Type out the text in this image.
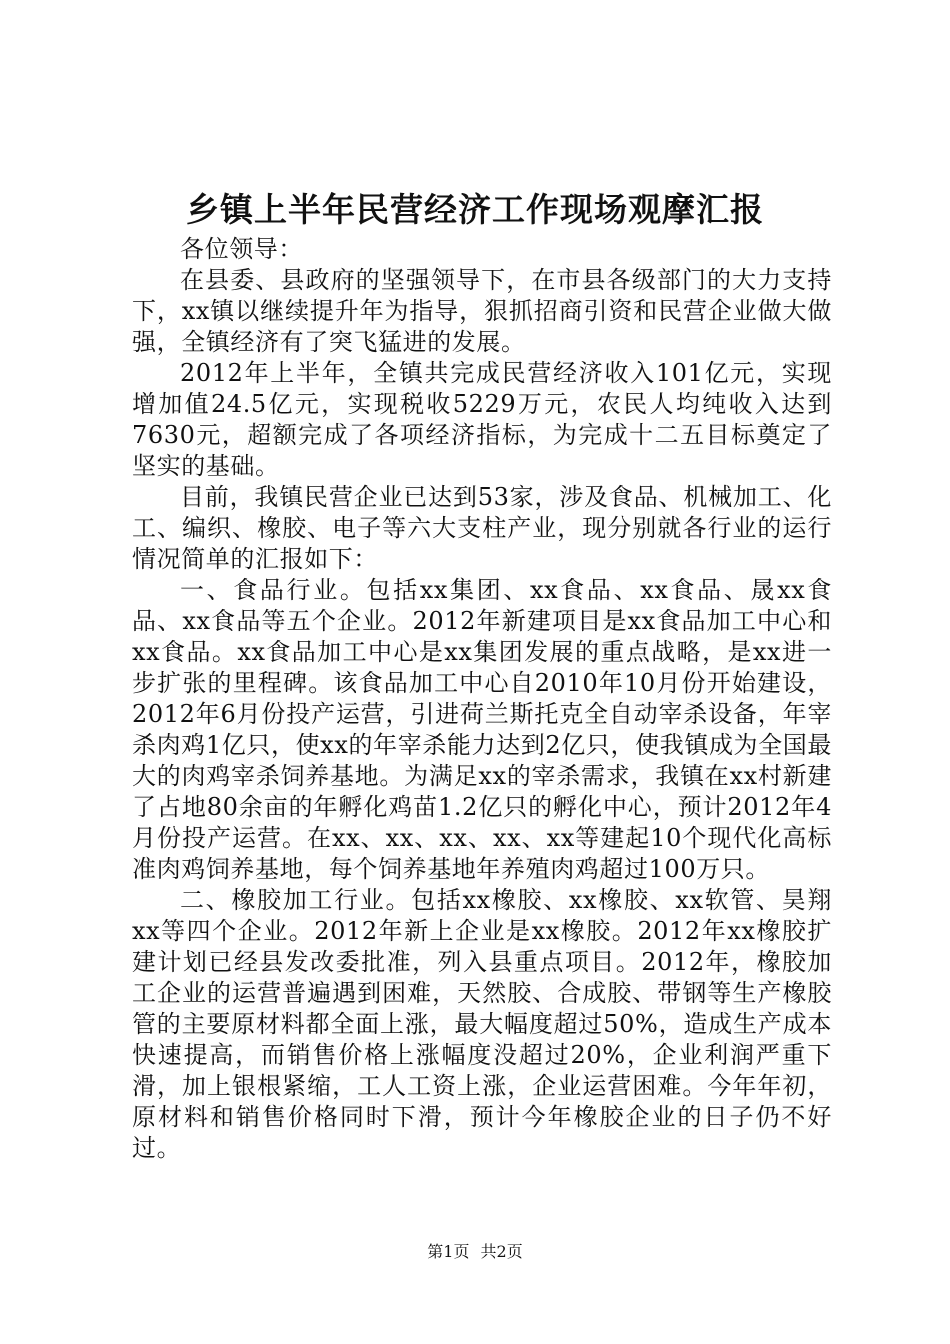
乡镇上半年民营经济工作现场观摩汇报

各位领导：

在县委、县政府的坚强领导下，在市县各级部门的大力支持下，xx镇以继续提升年为指导，狠抓招商引资和民营企业做大做强，全镇经济有了突飞猛进的发展。

2012年上半年，全镇共完成民营经济收入101亿元，实现增加值24.5亿元，实现税收5229万元，农民人均纯收入达到7630元，超额完成了各项经济指标，为完成十二五目标奠定了坚实的基础。

目前，我镇民营企业已达到53家，涉及食品、机械加工、化工、编织、橡胶、电子等六大支柱产业，现分别就各行业的运行情况简单的汇报如下：

一、食品行业。包括xx集团、xx食品、xx食品、晟xx食品、xx食品等五个企业。2012年新建项目是xx食品加工中心和xx食品。xx食品加工中心是xx集团发展的重点战略，是xx进一步扩张的里程碑。该食品加工中心自2010年10月份开始建设，2012年6月份投产运营，引进荷兰斯托克全自动宰杀设备，年宰杀肉鸡1亿只，使xx的年宰杀能力达到2亿只，使我镇成为全国最大的肉鸡宰杀饲养基地。为满足xx的宰杀需求，我镇在xx村新建了占地80余亩的年孵化鸡苗1.2亿只的孵化中心，预计2012年4月份投产运营。在xx、xx、xx、xx、xx等建起10个现代化高标准肉鸡饲养基地，每个饲养基地年养殖肉鸡超过100万只。

二、橡胶加工行业。包括xx橡胶、xx橡胶、xx软管、昊翔xx等四个企业。2012年新上企业是xx橡胶。2012年xx橡胶扩建计划已经县发改委批准，列入县重点项目。2012年，橡胶加工企业的运营普遍遇到困难，天然胶、合成胶、带钢等生产橡胶管的主要原材料都全面上涨，最大幅度超过50%，造成生产成本快速提高，而销售价格上涨幅度没超过20%，企业利润严重下滑，加上银根紧缩，工人工资上涨，企业运营困难。今年年初，原材料和销售价格同时下滑，预计今年橡胶企业的日子仍不好过。

第1页 共2页
